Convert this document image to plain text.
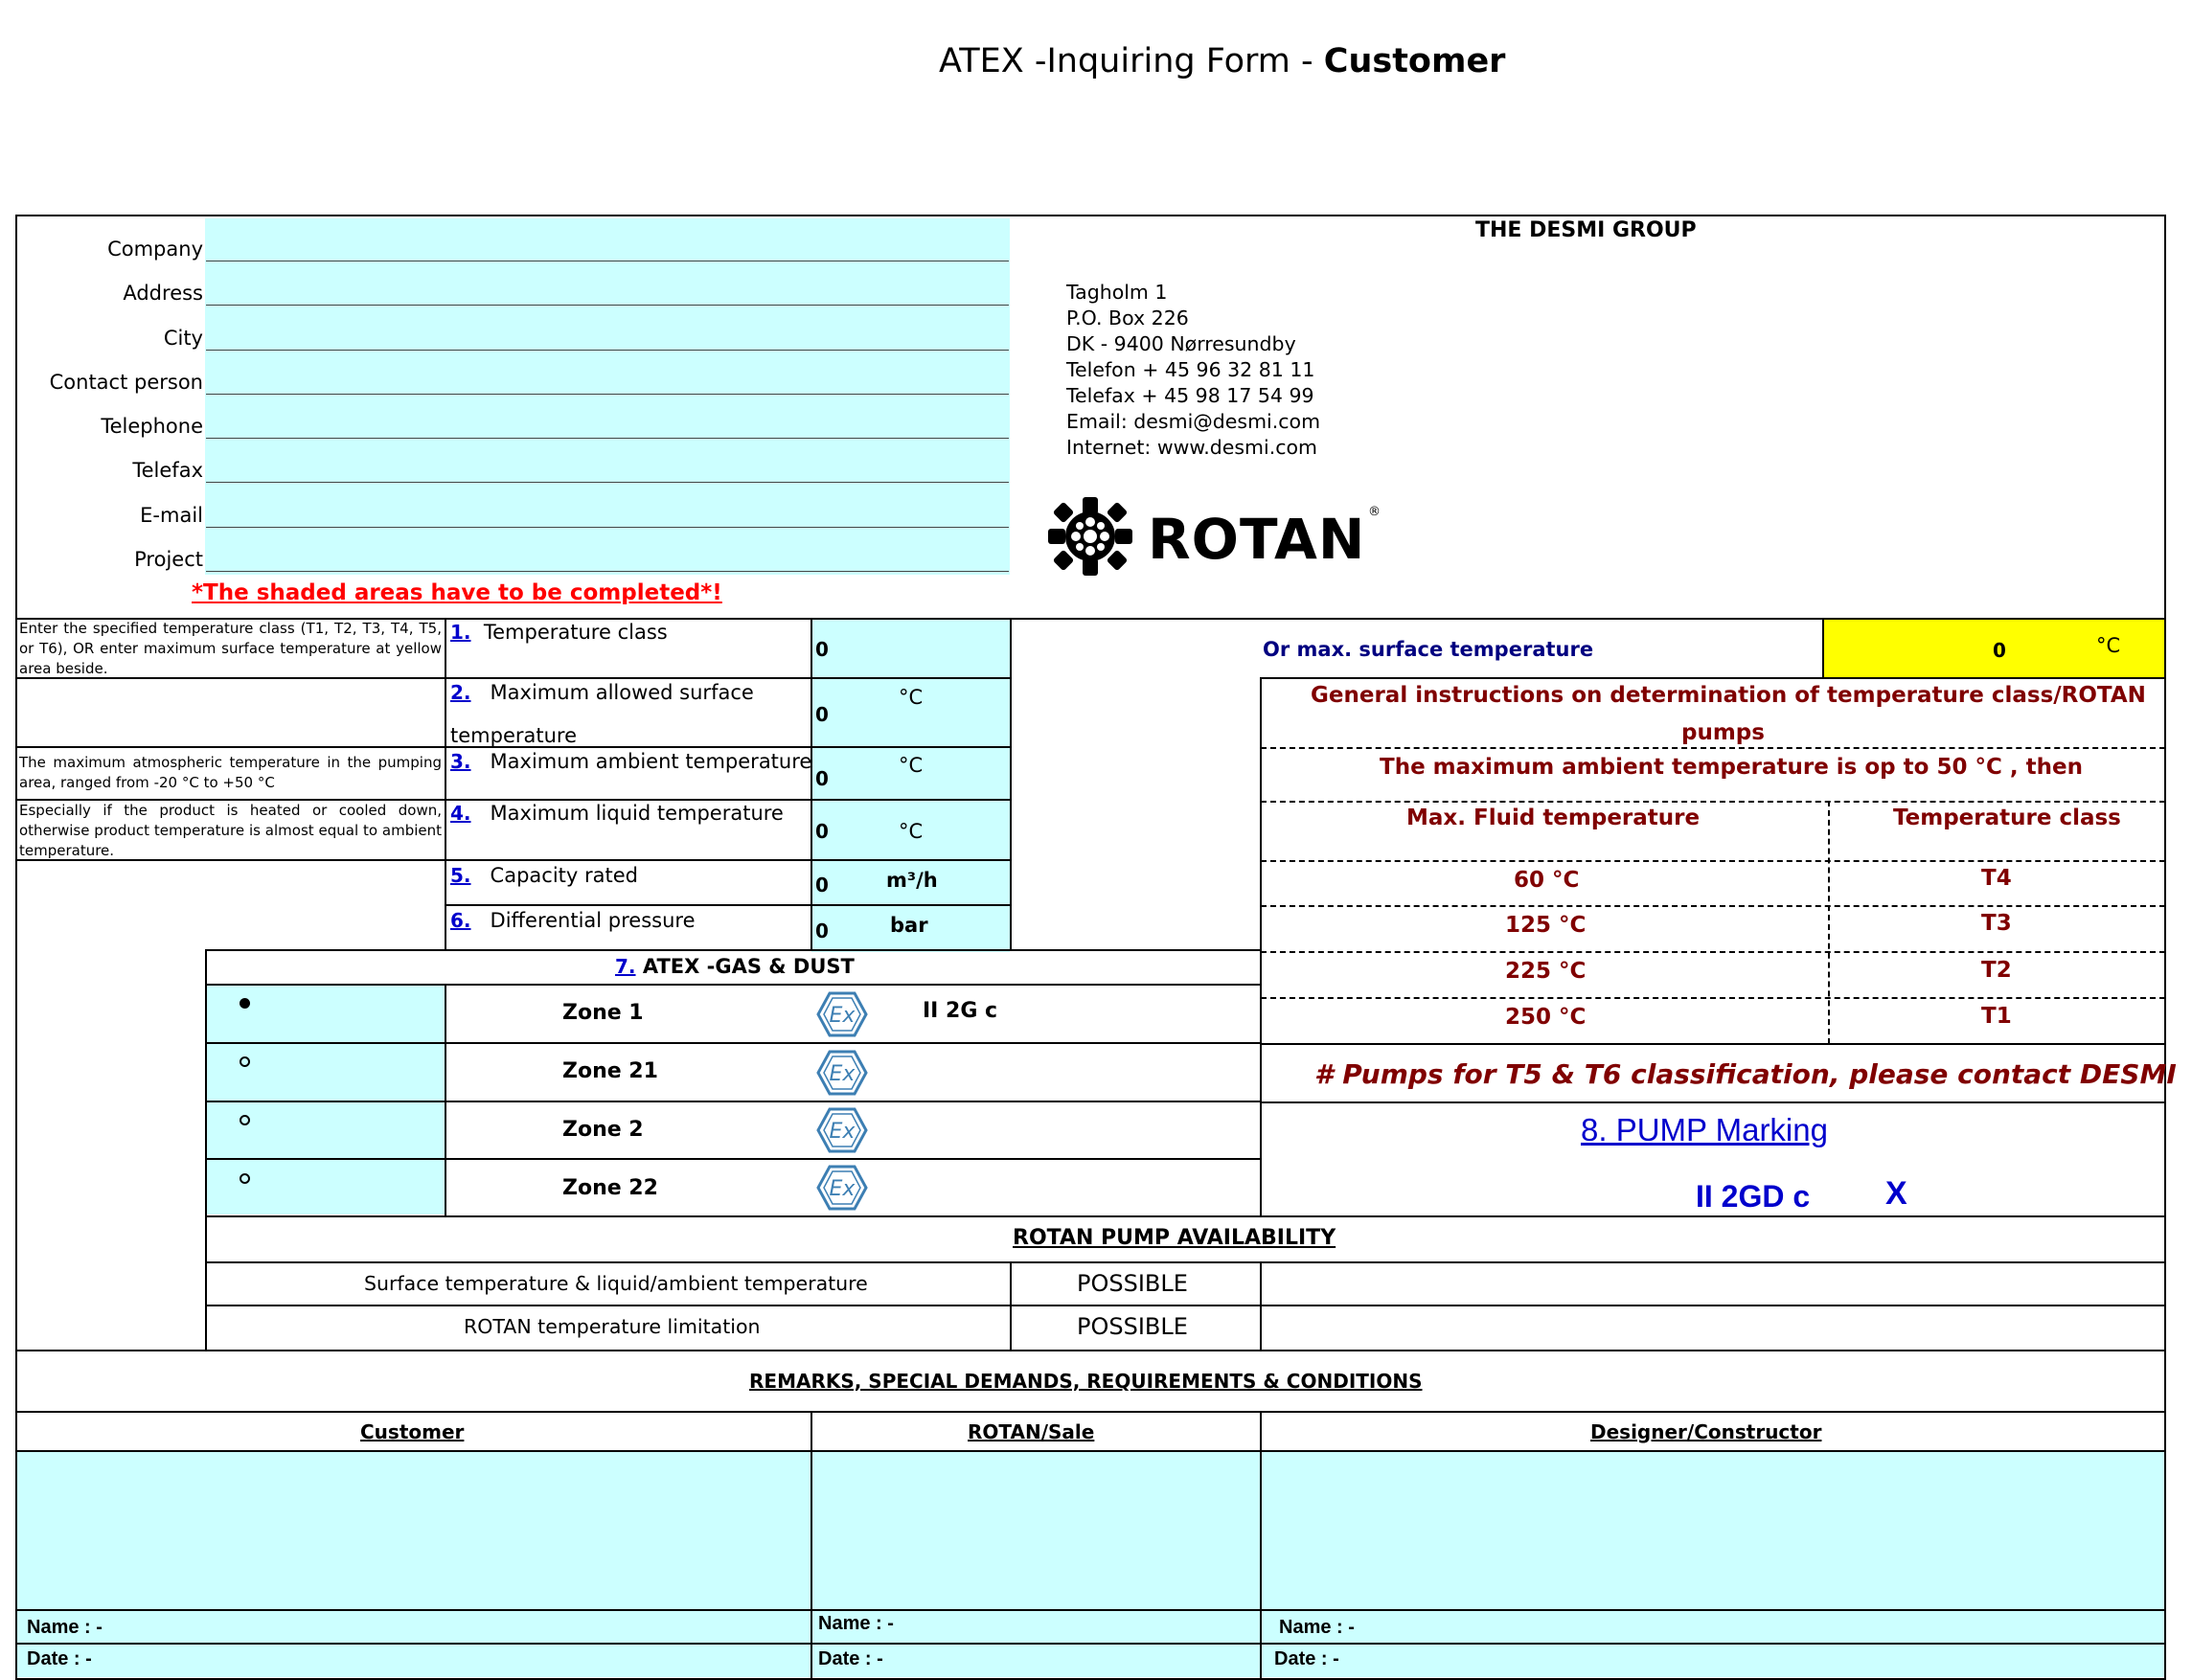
ATEX -Inquiring Form - Customer
Company
Address
City
Contact person
Telephone
Telefax
E-mail
Project
*The shaded areas have to be completed*!
THE DESMI GROUP
Tagholm 1
P.O. Box 226
DK - 9400 Nørresundby
Telefon + 45 96 32 81 11
Telefax + 45 98 17 54 99
Email: desmi@desmi.com
Internet: www.desmi.com
ROTAN ®
Enter the specified temperature class (T1, T2, T3, T4, T5, or T6), OR enter maximum surface temperature at yellow area beside.
The maximum atmospheric temperature in the pumping area, ranged from -20 °C to +50 °C
Especially if the product is heated or cooled down, otherwise product temperature is almost equal to ambient temperature.
1. Temperature class
0
2. Maximum allowed surface
temperature
0
°C
3. Maximum ambient temperature
0
°C
4. Maximum liquid temperature
0	°C
5. Capacity rated	0	m³/h
6. Differential pressure	0	bar
Or max. surface temperature	0	°C
General instructions on determination of temperature class/ROTAN
pumps
The maximum ambient temperature is op to 50 °C , then
Max. Fluid temperature	Temperature class
60 °C	T4
125 °C	T3
225 °C	T2
250 °C	T1
# Pumps for T5 & T6 classification, please contact DESMI
7. ATEX -GAS & DUST
Zone 1	Ex	II 2G c
Zone 21	Ex
Zone 2	Ex
Zone 22	Ex
8. PUMP Marking
II 2GD c X
ROTAN PUMP AVAILABILITY
Surface temperature & liquid/ambient temperature	POSSIBLE
ROTAN temperature limitation	POSSIBLE
REMARKS, SPECIAL DEMANDS, REQUIREMENTS & CONDITIONS
Customer	ROTAN/Sale	Designer/Constructor
Name : -
Date : -
Name : -
Date : -
Name : -
Date : -
